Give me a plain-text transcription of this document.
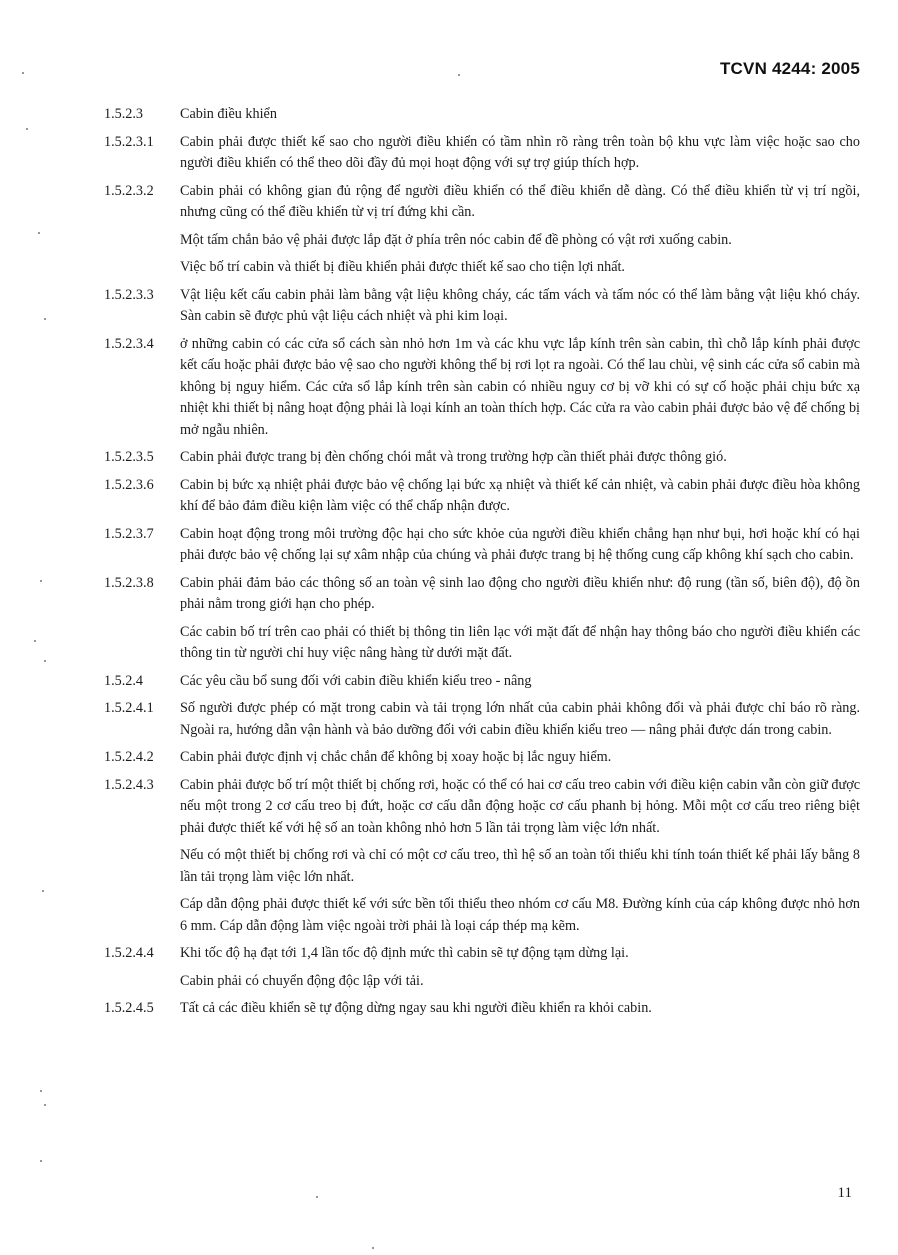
TCVN 4244: 2005
1.5.2.3	Cabin điều khiển
1.5.2.3.1	Cabin phải được thiết kế sao cho người điều khiển có tầm nhìn rõ ràng trên toàn bộ khu vực làm việc hoặc sao cho người điều khiển có thể theo dõi đầy đủ mọi hoạt động với sự trợ giúp thích hợp.
1.5.2.3.2	Cabin phải có không gian đủ rộng để người điều khiển có thể điều khiển dễ dàng. Có thể điều khiển từ vị trí ngồi, nhưng cũng có thể điều khiển từ vị trí đứng khi cần.
Một tấm chắn bảo vệ phải được lắp đặt ở phía trên nóc cabin để đề phòng có vật rơi xuống cabin.
Việc bố trí cabin và thiết bị điều khiển phải được thiết kế sao cho tiện lợi nhất.
1.5.2.3.3	Vật liệu kết cấu cabin phải làm bằng vật liệu không cháy, các tấm vách và tấm nóc có thể làm bằng vật liệu khó cháy. Sàn cabin sẽ được phủ vật liệu cách nhiệt và phi kim loại.
1.5.2.3.4	ở những cabin có các cửa sổ cách sàn nhỏ hơn 1m và các khu vực lắp kính trên sàn cabin, thì chỗ lắp kính phải được kết cấu hoặc phải được bảo vệ sao cho người không thể bị rơi lọt ra ngoài. Có thể lau chùi, vệ sinh các cửa sổ cabin mà không bị nguy hiểm. Các cửa sổ lắp kính trên sàn cabin có nhiều nguy cơ bị vỡ khi có sự cố hoặc phải chịu bức xạ nhiệt khi thiết bị nâng hoạt động phải là loại kính an toàn thích hợp. Các cửa ra vào cabin phải được bảo vệ để chống bị mở ngẫu nhiên.
1.5.2.3.5	Cabin phải được trang bị đèn chống chói mắt và trong trường hợp cần thiết phải được thông gió.
1.5.2.3.6	Cabin bị bức xạ nhiệt phải được bảo vệ chống lại bức xạ nhiệt và thiết kế cản nhiệt, và cabin phải được điều hòa không khí để bảo đảm điều kiện làm việc có thể chấp nhận được.
1.5.2.3.7	Cabin hoạt động trong môi trường độc hại cho sức khỏe của người điều khiển chẳng hạn như bụi, hơi hoặc khí có hại phải được bảo vệ chống lại sự xâm nhập của chúng và phải được trang bị hệ thống cung cấp không khí sạch cho cabin.
1.5.2.3.8	Cabin phải đảm bảo các thông số an toàn vệ sinh lao động cho người điều khiển như: độ rung (tần số, biên độ), độ ồn phải nằm trong giới hạn cho phép.
Các cabin bố trí trên cao phải có thiết bị thông tin liên lạc với mặt đất để nhận hay thông báo cho người điều khiển các thông tin từ người chỉ huy việc nâng hàng từ dưới mặt đất.
1.5.2.4	Các yêu cầu bổ sung đối với cabin điều khiển kiểu treo - nâng
1.5.2.4.1	Số người được phép có mặt trong cabin và tải trọng lớn nhất của cabin phải không đổi và phải được chỉ báo rõ ràng. Ngoài ra, hướng dẫn vận hành và bảo dưỡng đối với cabin điều khiển kiểu treo — nâng phải được dán trong cabin.
1.5.2.4.2	Cabin phải được định vị chắc chắn để không bị xoay hoặc bị lắc nguy hiểm.
1.5.2.4.3	Cabin phải được bố trí một thiết bị chống rơi, hoặc có thể có hai cơ cấu treo cabin với điều kiện cabin vẫn còn giữ được nếu một trong 2 cơ cấu treo bị đứt, hoặc cơ cấu dẫn động hoặc cơ cấu phanh bị hỏng. Mỗi một cơ cấu treo riêng biệt phải được thiết kế với hệ số an toàn không nhỏ hơn 5 lần tải trọng làm việc lớn nhất.
Nếu có một thiết bị chống rơi và chỉ có một cơ cấu treo, thì hệ số an toàn tối thiểu khi tính toán thiết kế phải lấy bằng 8 lần tải trọng làm việc lớn nhất.
Cáp dẫn động phải được thiết kế với sức bền tối thiểu theo nhóm cơ cấu M8. Đường kính của cáp không được nhỏ hơn 6 mm. Cáp dẫn động làm việc ngoài trời phải là loại cáp thép mạ kẽm.
1.5.2.4.4	Khi tốc độ hạ đạt tới 1,4 lần tốc độ định mức thì cabin sẽ tự động tạm dừng lại.
Cabin phải có chuyển động độc lập với tải.
1.5.2.4.5	Tất cả các điều khiển sẽ tự động dừng ngay sau khi người điều khiển ra khỏi cabin.
11
